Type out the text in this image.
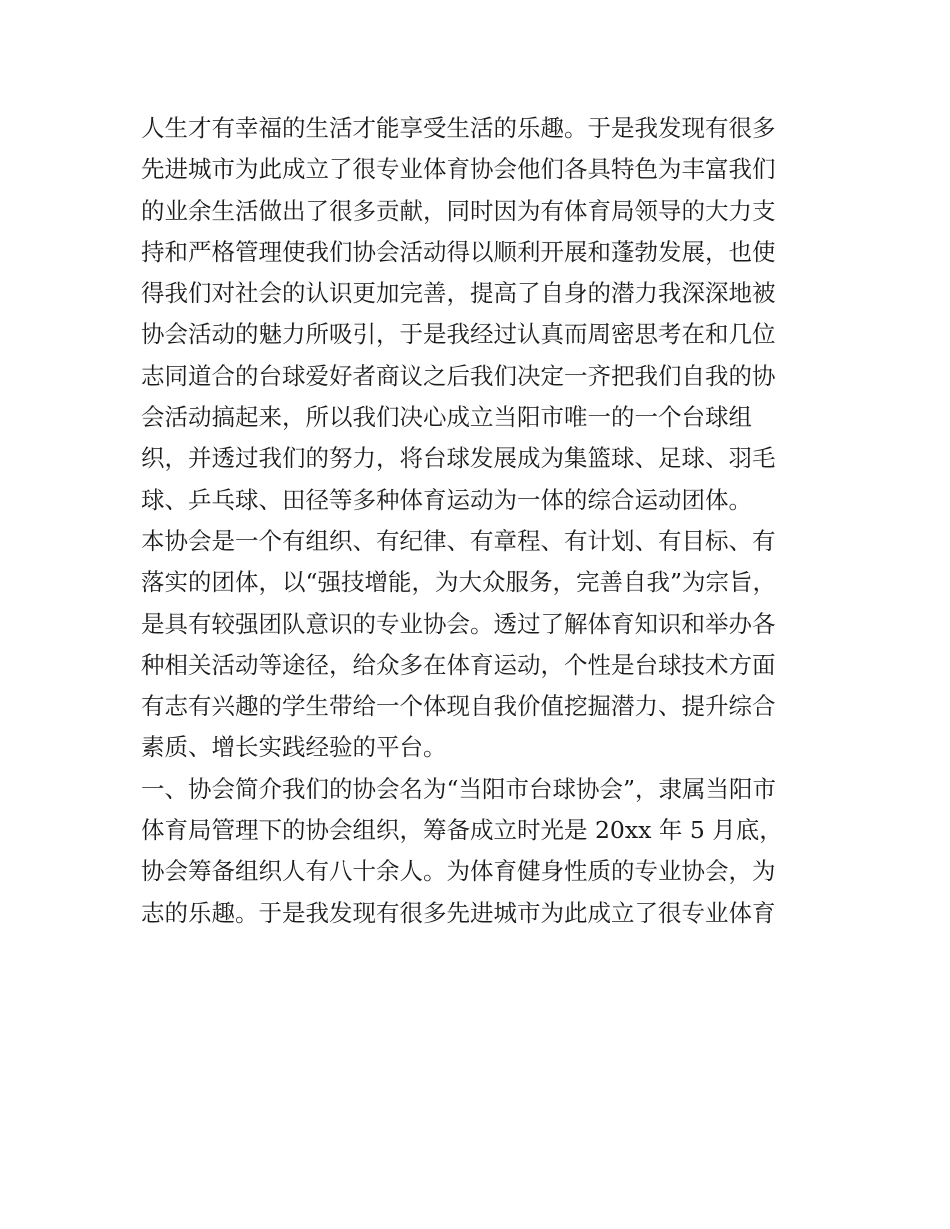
人生才有幸福的生活才能享受生活的乐趣。于是我发现有很多
先进城市为此成立了很专业体育协会他们各具特色为丰富我们
的业余生活做出了很多贡献，同时因为有体育局领导的大力支
持和严格管理使我们协会活动得以顺利开展和蓬勃发展，也使
得我们对社会的认识更加完善，提高了自身的潜力我深深地被
协会活动的魅力所吸引，于是我经过认真而周密思考在和几位
志同道合的台球爱好者商议之后我们决定一齐把我们自我的协
会活动搞起来，所以我们决心成立当阳市唯一的一个台球组
织，并透过我们的努力，将台球发展成为集篮球、足球、羽毛
球、乒乓球、田径等多种体育运动为一体的综合运动团体。
本协会是一个有组织、有纪律、有章程、有计划、有目标、有
落实的团体，以“强技增能，为大众服务，完善自我”为宗旨，
是具有较强团队意识的专业协会。透过了解体育知识和举办各
种相关活动等途径，给众多在体育运动，个性是台球技术方面
有志有兴趣的学生带给一个体现自我价值挖掘潜力、提升综合
素质、增长实践经验的平台。
一、协会简介我们的协会名为“当阳市台球协会”，隶属当阳市
体育局管理下的协会组织，筹备成立时光是 20xx 年 5 月底，
协会筹备组织人有八十余人。为体育健身性质的专业协会，为
志的乐趣。于是我发现有很多先进城市为此成立了很专业体育
